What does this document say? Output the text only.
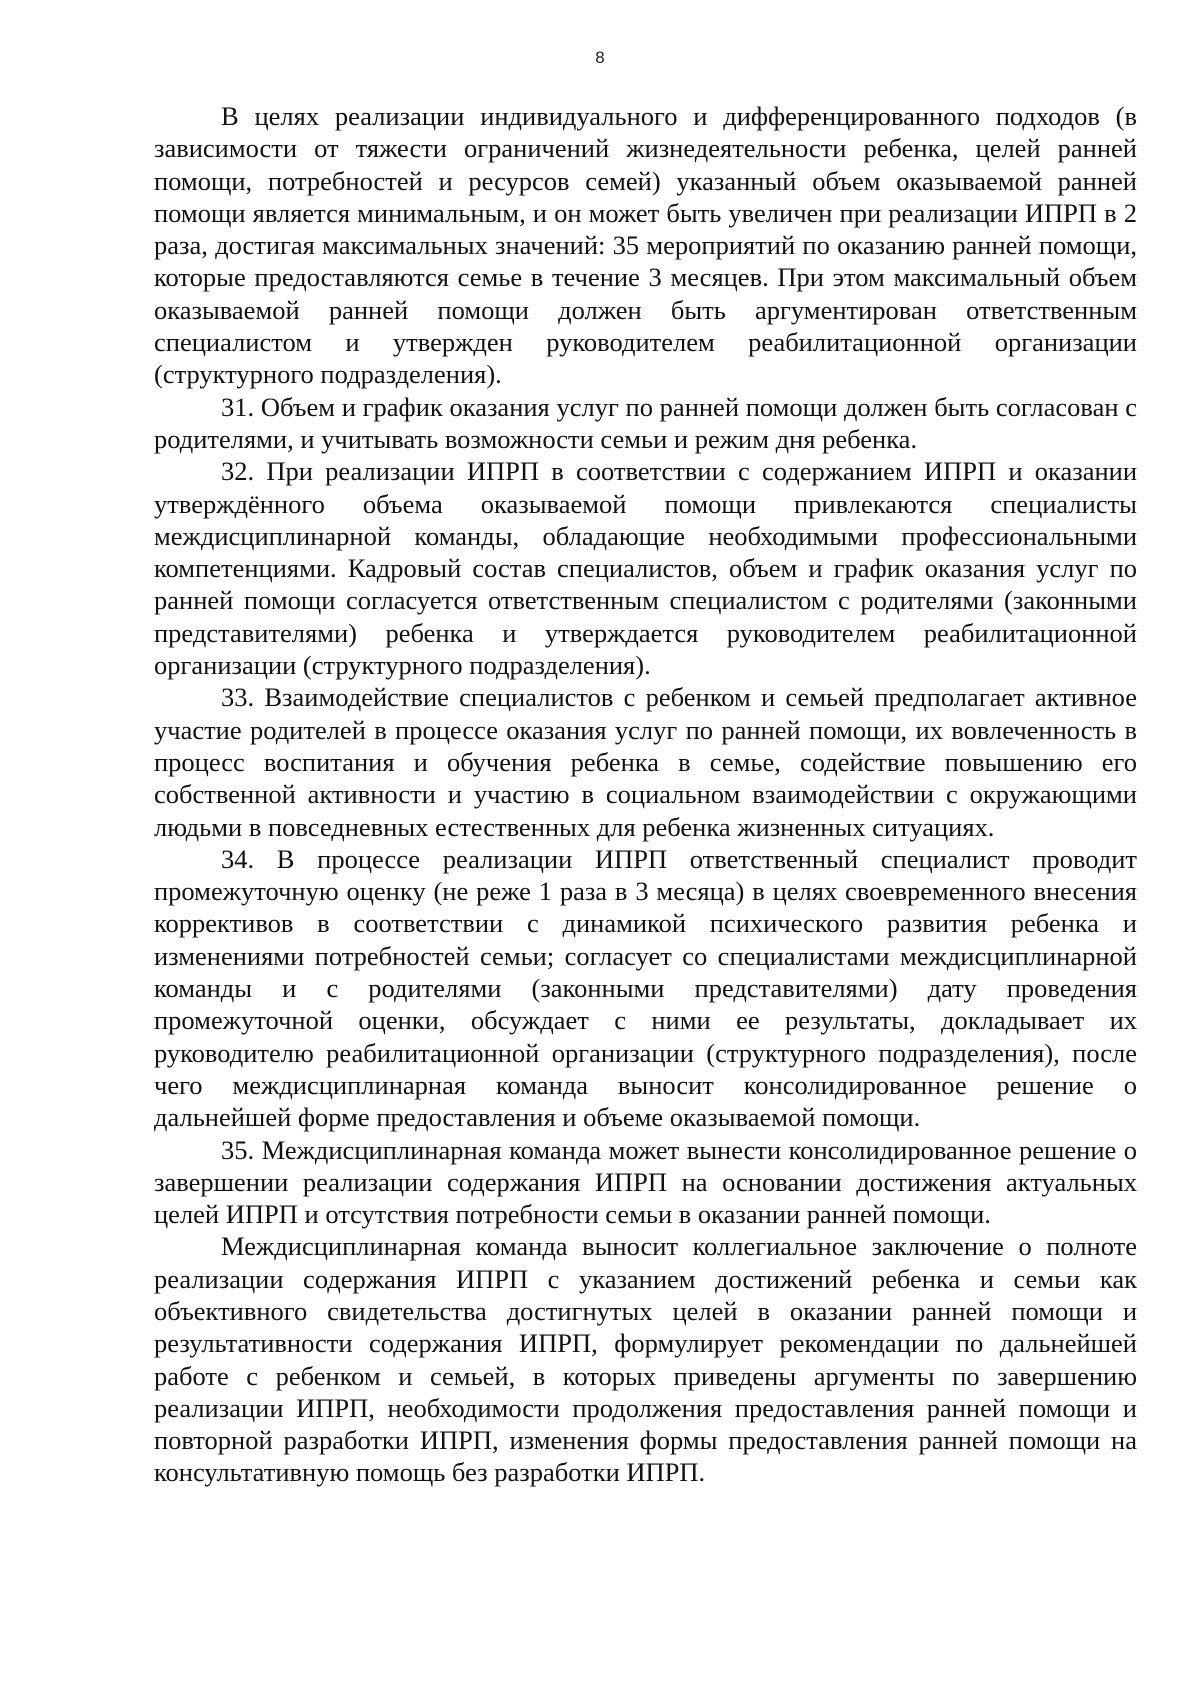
8

В целях реализации индивидуального и дифференцированного подходов (в зависимости от тяжести ограничений жизнедеятельности ребенка, целей ранней помощи, потребностей и ресурсов семей) указанный объем оказываемой ранней помощи является минимальным, и он может быть увеличен при реализации ИПРП в 2 раза, достигая максимальных значений: 35 мероприятий по оказанию ранней помощи, которые предоставляются семье в течение 3 месяцев. При этом максимальный объем оказываемой ранней помощи должен быть аргументирован ответственным специалистом и утвержден руководителем реабилитационной организации (структурного подразделения).

31. Объем и график оказания услуг по ранней помощи должен быть согласован с родителями, и учитывать возможности семьи и режим дня ребенка.

32. При реализации ИПРП в соответствии с содержанием ИПРП и оказании утверждённого объема оказываемой помощи привлекаются специалисты междисциплинарной команды, обладающие необходимыми профессиональными компетенциями. Кадровый состав специалистов, объем и график оказания услуг по ранней помощи согласуется ответственным специалистом с родителями (законными представителями) ребенка и утверждается руководителем реабилитационной организации (структурного подразделения).

33. Взаимодействие специалистов с ребенком и семьей предполагает активное участие родителей в процессе оказания услуг по ранней помощи, их вовлеченность в процесс воспитания и обучения ребенка в семье, содействие повышению его собственной активности и участию в социальном взаимодействии с окружающими людьми в повседневных естественных для ребенка жизненных ситуациях.

34. В процессе реализации ИПРП ответственный специалист проводит промежуточную оценку (не реже 1 раза в 3 месяца) в целях своевременного внесения коррективов в соответствии с динамикой психического развития ребенка и изменениями потребностей семьи; согласует со специалистами междисциплинарной команды и с родителями (законными представителями) дату проведения промежуточной оценки, обсуждает с ними ее результаты, докладывает их руководителю реабилитационной организации (структурного подразделения), после чего междисциплинарная команда выносит консолидированное решение о дальнейшей форме предоставления и объеме оказываемой помощи.

35. Междисциплинарная команда может вынести консолидированное решение о завершении реализации содержания ИПРП на основании достижения актуальных целей ИПРП и отсутствия потребности семьи в оказании ранней помощи.

Междисциплинарная команда выносит коллегиальное заключение о полноте реализации содержания ИПРП с указанием достижений ребенка и семьи как объективного свидетельства достигнутых целей в оказании ранней помощи и результативности содержания ИПРП, формулирует рекомендации по дальнейшей работе с ребенком и семьей, в которых приведены аргументы по завершению реализации ИПРП, необходимости продолжения предоставления ранней помощи и повторной разработки ИПРП, изменения формы предоставления ранней помощи на консультативную помощь без разработки ИПРП.
